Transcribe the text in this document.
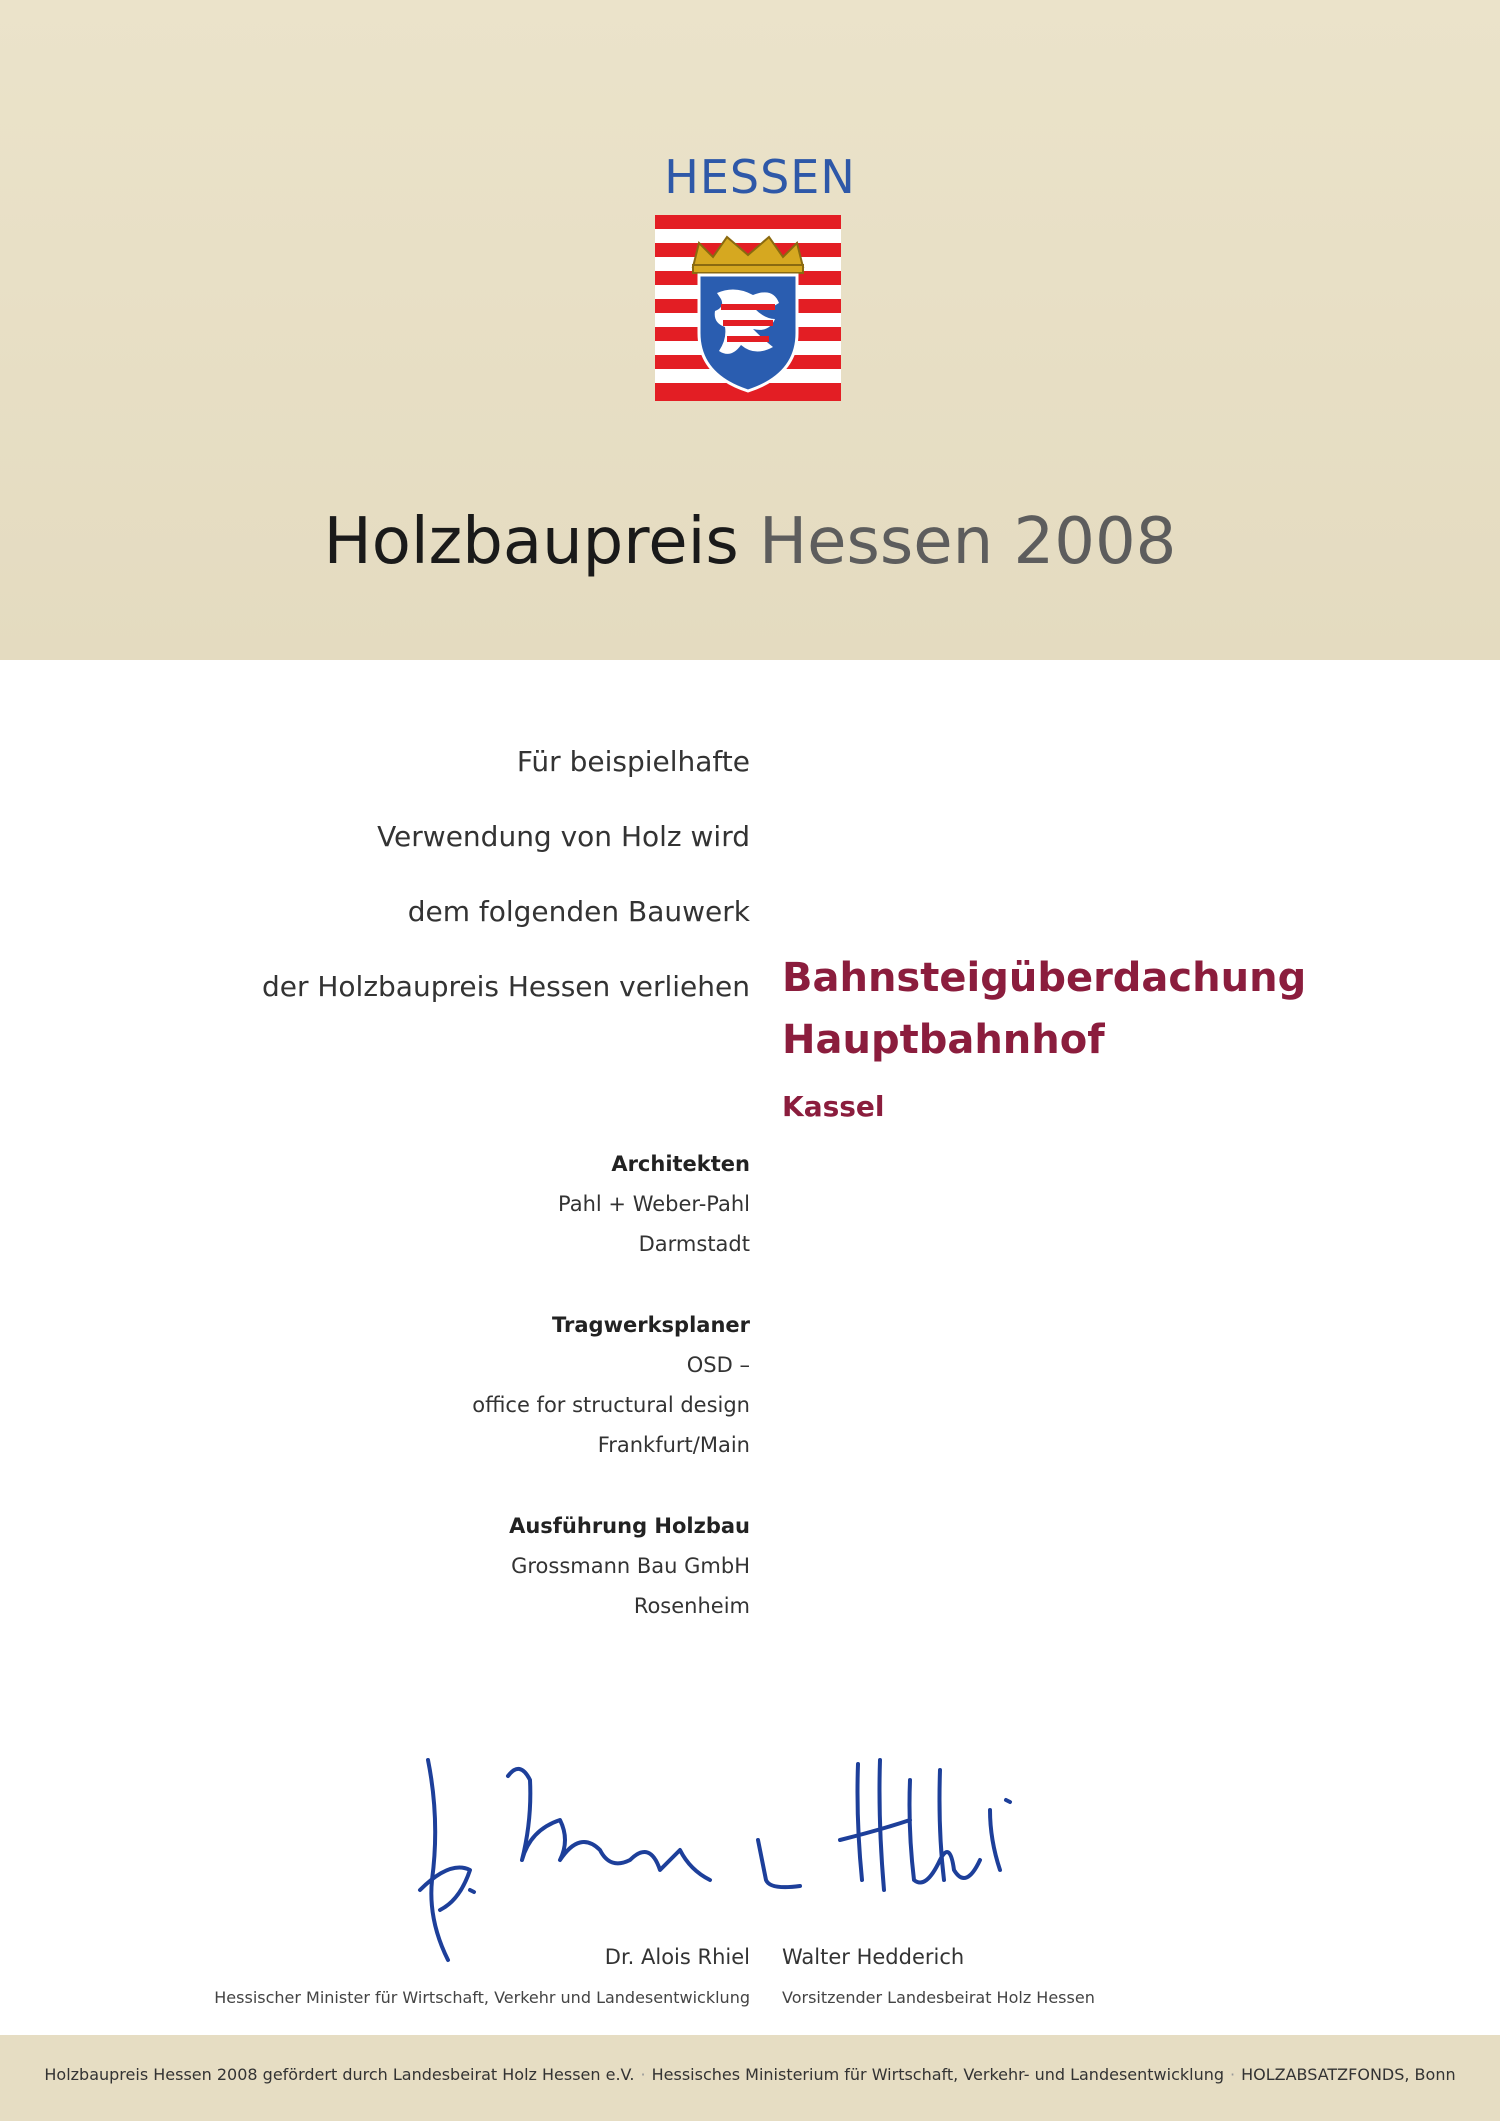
HESSEN
Holzbaupreis Hessen 2008
Für beispielhafte
Verwendung von Holz wird
dem folgenden Bauwerk
der Holzbaupreis Hessen verliehen Bahnsteigüberdachung
Hauptbahnhof
Kassel
Architekten
Pahl + Weber-Pahl
Darmstadt
Tragwerksplaner
OSD –
office for structural design
Frankfurt/Main
Ausführung Holzbau
Grossmann Bau GmbH
Rosenheim
Dr. Alois Rhiel Walter Hedderich
Hessischer Minister für Wirtschaft, Verkehr und Landesentwicklung Vorsitzender Landesbeirat Holz Hessen
Holzbaupreis Hessen 2008 gefördert durch Landesbeirat Holz Hessen e.V. · Hessisches Ministerium für Wirtschaft, Verkehr- und Landesentwicklung · HOLZABSATZFONDS, Bonn
